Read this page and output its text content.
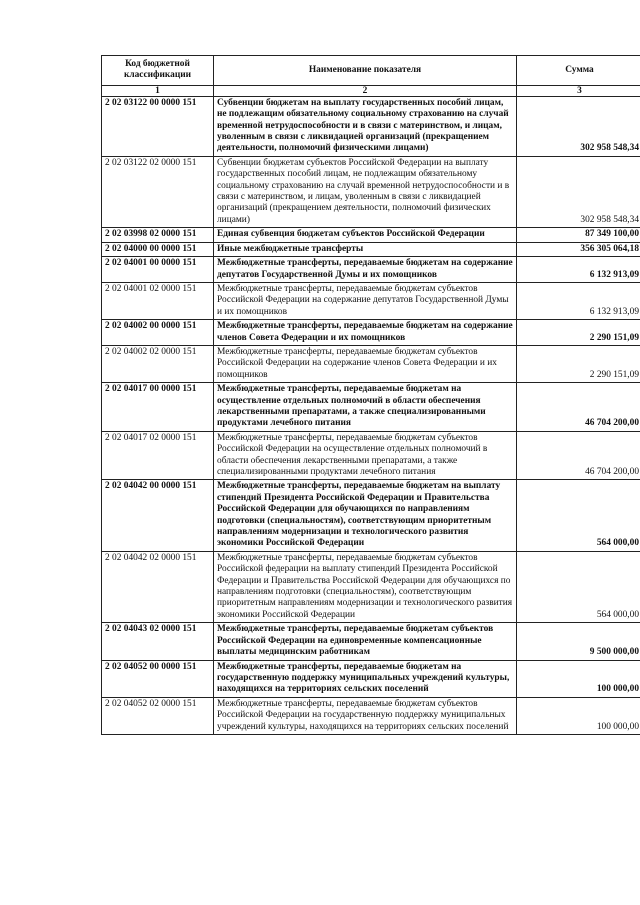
Код бюджетной классификации	Наименование показателя	Сумма
1	2	3
2 02 03122 00 0000 151	Субвенции бюджетам на выплату государственных пособий лицам, не подлежащим обязательному социальному страхованию на случай временной нетрудоспособности и в связи с материнством, и лицам, уволенным в связи с ликвидацией организаций (прекращением деятельности, полномочий физическими лицами)	302 958 548,34
2 02 03122 02 0000 151	Субвенции бюджетам субъектов Российской Федерации на выплату государственных пособий лицам, не подлежащим обязательному социальному страхованию на случай временной нетрудоспособности и в связи с материнством, и лицам, уволенным в связи с ликвидацией организаций (прекращением деятельности, полномочий физических лицами)	302 958 548,34
2 02 03998 02 0000 151	Единая субвенция бюджетам субъектов Российской Федерации	87 349 100,00
2 02 04000 00 0000 151	Иные межбюджетные трансферты	356 305 064,18
2 02 04001 00 0000 151	Межбюджетные трансферты, передаваемые бюджетам на содержание депутатов Государственной Думы и их помощников	6 132 913,09
2 02 04001 02 0000 151	Межбюджетные трансферты, передаваемые бюджетам субъектов Российской Федерации на содержание депутатов Государственной Думы и их помощников	6 132 913,09
2 02 04002 00 0000 151	Межбюджетные трансферты, передаваемые бюджетам на содержание членов Совета Федерации и их помощников	2 290 151,09
2 02 04002 02 0000 151	Межбюджетные трансферты, передаваемые бюджетам субъектов Российской Федерации на содержание членов Совета Федерации и их помощников	2 290 151,09
2 02 04017 00 0000 151	Межбюджетные трансферты, передаваемые бюджетам на осуществление отдельных полномочий в области обеспечения лекарственными препаратами, а также специализированными продуктами лечебного питания	46 704 200,00
2 02 04017 02 0000 151	Межбюджетные трансферты, передаваемые бюджетам субъектов Российской Федерации на осуществление отдельных полномочий в области обеспечения лекарственными препаратами, а также специализированными продуктами лечебного питания	46 704 200,00
2 02 04042 00 0000 151	Межбюджетные трансферты, передаваемые бюджетам на выплату стипендий Президента Российской Федерации и Правительства Российской Федерации для обучающихся по направлениям подготовки (специальностям), соответствующим приоритетным направлениям модернизации и технологического развития экономики Российской Федерации	564 000,00
2 02 04042 02 0000 151	Межбюджетные трансферты, передаваемые бюджетам субъектов Российской федерации на выплату стипендий Президента Российской Федерации и Правительства Российской Федерации для обучающихся по направлениям подготовки (специальностям), соответствующим приоритетным направлениям модернизации и технологического развития экономики Российской Федерации	564 000,00
2 02 04043 02 0000 151	Межбюджетные трансферты, передаваемые бюджетам субъектов Российской Федерации на единовременные компенсационные выплаты медицинским работникам	9 500 000,00
2 02 04052 00 0000 151	Межбюджетные трансферты, передаваемые бюджетам на государственную поддержку муниципальных учреждений культуры, находящихся на территориях сельских поселений	100 000,00
2 02 04052 02 0000 151	Межбюджетные трансферты, передаваемые бюджетам субъектов Российской Федерации на государственную поддержку муниципальных учреждений культуры, находящихся на территориях сельских поселений	100 000,00
